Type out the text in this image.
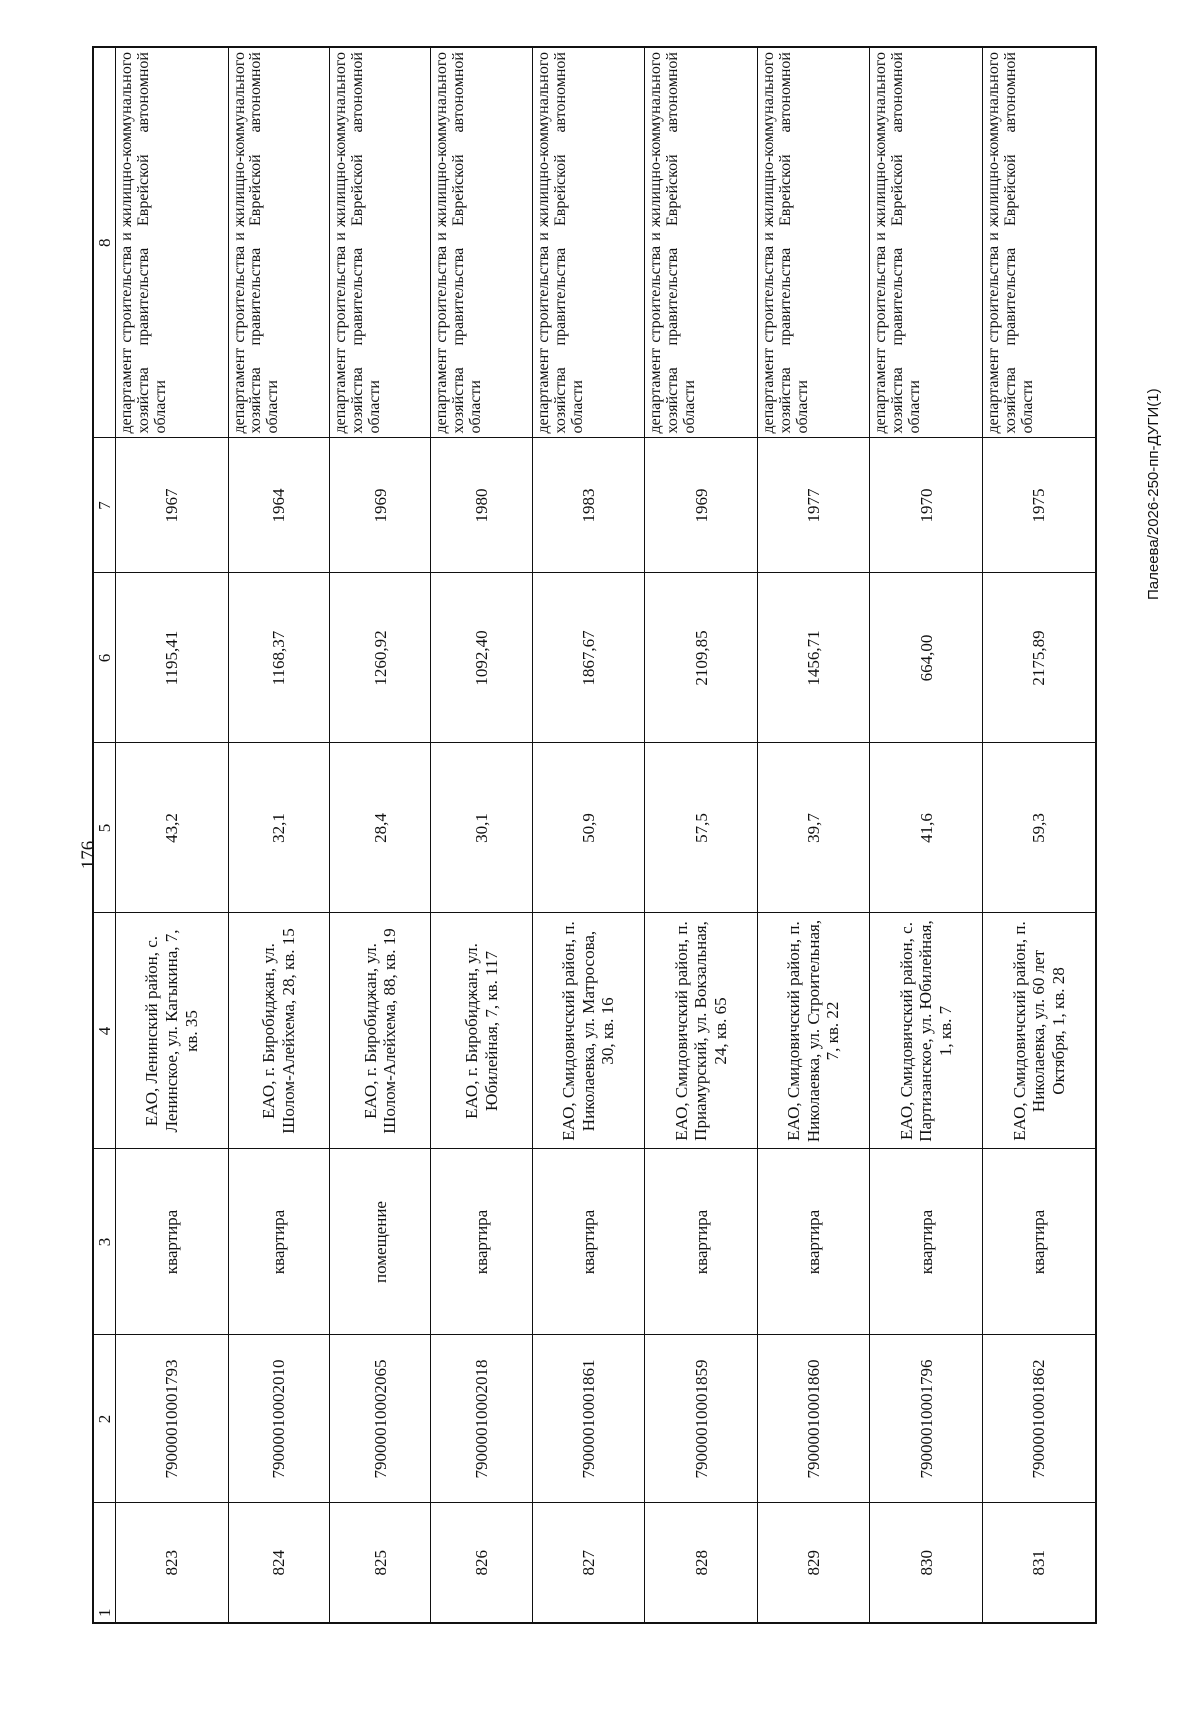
176
1	2	3	4	5	6	7	8
823	79000010001793	квартира	ЕАО, Ленинский район, с. Ленинское, ул. Кагыкина, 7, кв. 35	43,2	1195,41	1967	департамент строительства и жилищно-коммунального хозяйства правительства Еврейской автономной области
824	79000010002010	квартира	ЕАО, г. Биробиджан, ул. Шолом-Алейхема, 28, кв. 15	32,1	1168,37	1964	департамент строительства и жилищно-коммунального хозяйства правительства Еврейской автономной области
825	79000010002065	помещение	ЕАО, г. Биробиджан, ул. Шолом-Алейхема, 88, кв. 19	28,4	1260,92	1969	департамент строительства и жилищно-коммунального хозяйства правительства Еврейской автономной области
826	79000010002018	квартира	ЕАО, г. Биробиджан, ул. Юбилейная, 7, кв. 117	30,1	1092,40	1980	департамент строительства и жилищно-коммунального хозяйства правительства Еврейской автономной области
827	79000010001861	квартира	ЕАО, Смидовичский район, п. Николаевка, ул. Матросова, 30, кв. 16	50,9	1867,67	1983	департамент строительства и жилищно-коммунального хозяйства правительства Еврейской автономной области
828	79000010001859	квартира	ЕАО, Смидовичский район, п. Приамурский, ул. Вокзальная, 24, кв. 65	57,5	2109,85	1969	департамент строительства и жилищно-коммунального хозяйства правительства Еврейской автономной области
829	79000010001860	квартира	ЕАО, Смидовичский район, п. Николаевка, ул. Строительная, 7, кв. 22	39,7	1456,71	1977	департамент строительства и жилищно-коммунального хозяйства правительства Еврейской автономной области
830	79000010001796	квартира	ЕАО, Смидовичский район, с. Партизанское, ул. Юбилейная, 1, кв. 7	41,6	664,00	1970	департамент строительства и жилищно-коммунального хозяйства правительства Еврейской автономной области
831	79000010001862	квартира	ЕАО, Смидовичский район, п. Николаевка, ул. 60 лет Октября, 1, кв. 28	59,3	2175,89	1975	департамент строительства и жилищно-коммунального хозяйства правительства Еврейской автономной области	Палеева/2026-250-пп-ДУГИ(1)
